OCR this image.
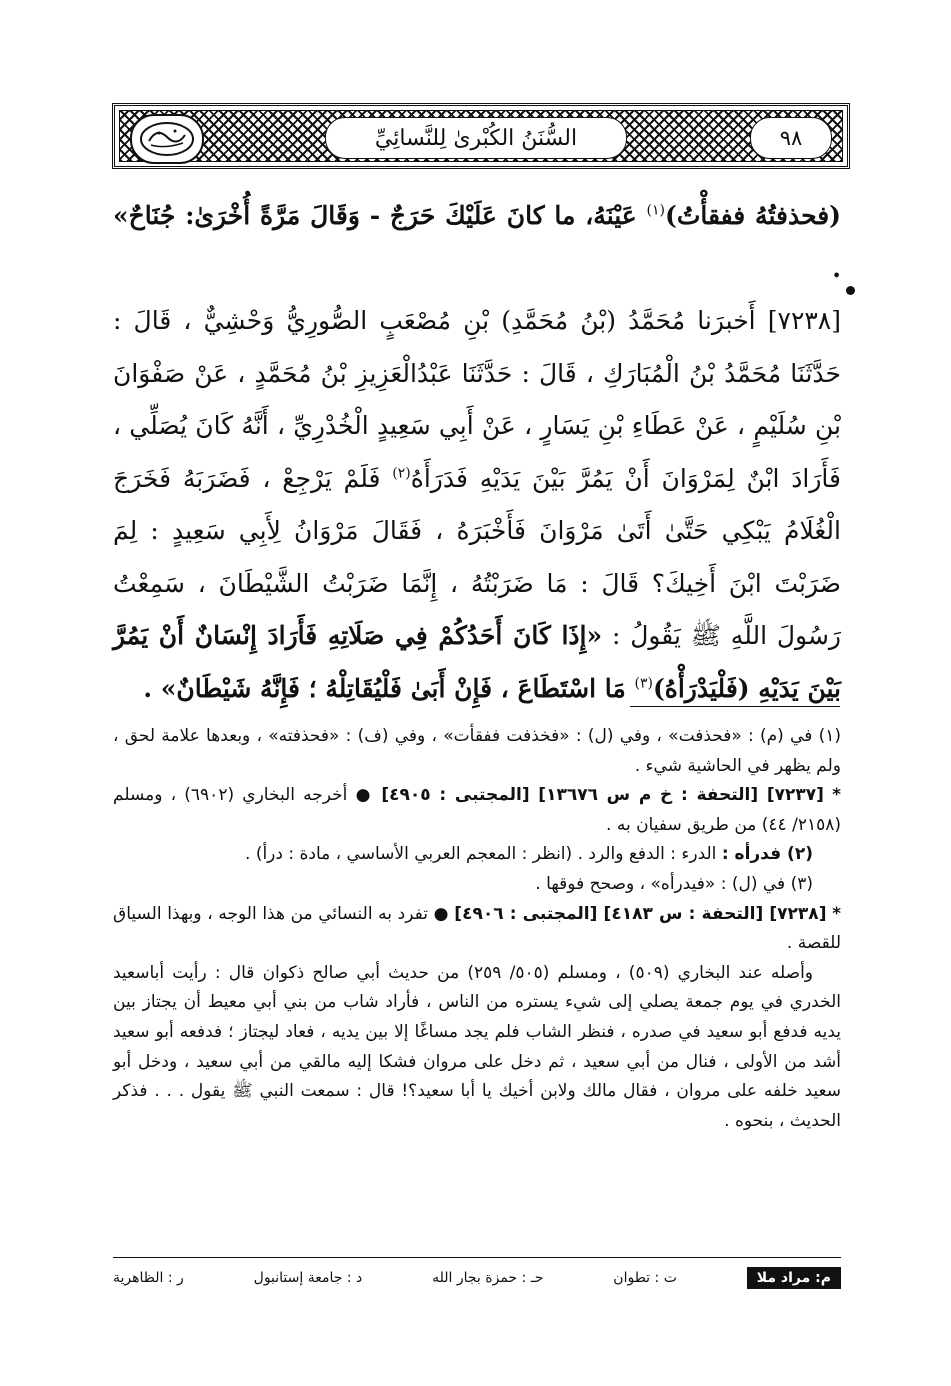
السُّنَنُ الكُبْرىٰ لِلنَّسائِيِّ	٩٨

(فحذفتُهُ ففقأْتُ)$^{(١)}$ عَيْنَهُ، ما كانَ عَلَيْكَ حَرَجٌ - وَقَالَ مَرَّةً أُخْرَىٰ: جُنَاحٌ» .

[٧٢٣٨] أَخبرَنا مُحَمَّدُ (بْنُ مُحَمَّدِ) بْنِ مُصْعَبٍ الصُّورِيُّ وَحْشِيٌّ ، قَالَ : حَدَّثَنَا مُحَمَّدُ بْنُ الْمُبَارَكِ ، قَالَ : حَدَّثَنَا عَبْدُالْعَزِيزِ بْنُ مُحَمَّدٍ ، عَنْ صَفْوَانَ بْنِ سُلَيْمٍ ، عَنْ عَطَاءِ بْنِ يَسَارٍ ، عَنْ أَبِي سَعِيدٍ الْخُدْرِيِّ ، أَنَّهُ كَانَ يُصَلِّي ، فَأَرَادَ ابْنٌ لِمَرْوَانَ أَنْ يَمُرَّ بَيْنَ يَدَيْهِ فَدَرَأَهُ$^{(٢)}$ فَلَمْ يَرْجِعْ ، فَضَرَبَهُ فَخَرَجَ الْغُلَامُ يَبْكِي حَتَّىٰ أَتَىٰ مَرْوَانَ فَأَخْبَرَهُ ، فَقَالَ مَرْوَانُ لِأَبِي سَعِيدٍ : لِمَ ضَرَبْتَ ابْنَ أَخِيكَ؟ قَالَ : مَا ضَرَبْتُهُ ، إِنَّمَا ضَرَبْتُ الشَّيْطَانَ ، سَمِعْتُ رَسُولَ اللَّهِ ﷺ يَقُولُ : «إِذَا كَانَ أَحَدُكُمْ فِي صَلَاتِهِ فَأَرَادَ إِنْسَانٌ أَنْ يَمُرَّ بَيْنَ يَدَيْهِ (فَلْيَدْرَأْهُ)$^{(٣)}$ مَا اسْتَطَاعَ ، فَإِنْ أَبَىٰ فَلْيُقَاتِلْهُ ؛ فَإِنَّهُ شَيْطَانٌ» .

(١) في (م) : «فحذفت» ، وفي (ل) : «فخذفت ففقأت» ، وفي (ف) : «فحذفته» ، وبعدها علامة لحق ، ولم يظهر في الحاشية شيء .

* [٧٢٣٧] [التحفة : خ م س ١٣٦٧٦] [المجتبى : ٤٩٠٥] ● أخرجه البخاري (٦٩٠٢) ، ومسلم (٢١٥٨/ ٤٤) من طريق سفيان به .

(٢) فدرأه : الدرء : الدفع والرد . (انظر : المعجم العربي الأساسي ، مادة : درأ) .

(٣) في (ل) : «فيدرأه» ، وصحح فوقها .

* [٧٢٣٨] [التحفة : س ٤١٨٣] [المجتبى : ٤٩٠٦] ● تفرد به النسائي من هذا الوجه ، وبهذا السياق للقصة .

وأصله عند البخاري (٥٠٩) ، ومسلم (٥٠٥/ ٢٥٩) من حديث أبي صالح ذكوان قال : رأيت أباسعيد الخدري في يوم جمعة يصلي إلى شيء يستره من الناس ، فأراد شاب من بني أبي معيط أن يجتاز بين يديه فدفع أبو سعيد في صدره ، فنظر الشاب فلم يجد مساغًا إلا بين يديه ، فعاد ليجتاز ؛ فدفعه أبو سعيد أشد من الأولى ، فنال من أبي سعيد ، ثم دخل على مروان فشكا إليه مالقي من أبي سعيد ، ودخل أبو سعيد خلفه على مروان ، فقال مالك ولابن أخيك يا أبا سعيد؟! قال : سمعت النبي ﷺ يقول . . . فذكر الحديث ، بنحوه .

م: مراد ملا
ت : تطوان
حـ : حمزة بجار الله
د : جامعة إستانبول
ر : الظاهرية
